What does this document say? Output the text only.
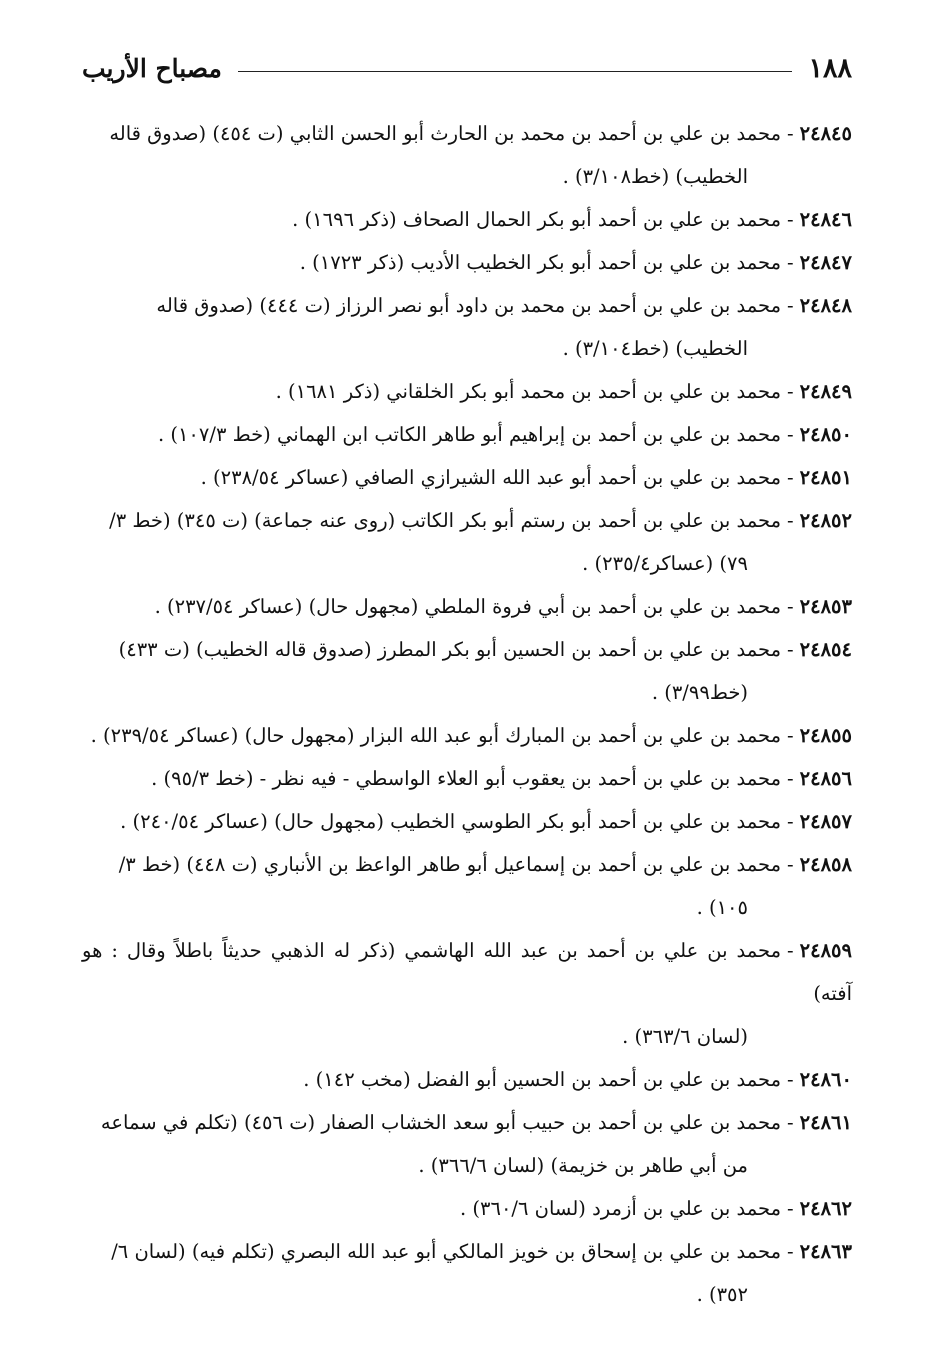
١٨٨
مصباح الأريب
٢٤٨٤٥-محمد بن علي بن أحمد بن محمد بن الحارث أبو الحسن الثابي (ت ٤٥٤) (صدوق قاله
الخطيب) (خط٣/١٠٨) .
٢٤٨٤٦-محمد بن علي بن أحمد أبو بكر الحمال الصحاف (ذكر ١٦٩٦) .
٢٤٨٤٧-محمد بن علي بن أحمد أبو بكر الخطيب الأديب (ذكر ١٧٢٣) .
٢٤٨٤٨-محمد بن علي بن أحمد بن محمد بن داود أبو نصر الرزاز (ت ٤٤٤) (صدوق قاله
الخطيب) (خط٣/١٠٤) .
٢٤٨٤٩-محمد بن علي بن أحمد بن محمد أبو بكر الخلقاني (ذكر ١٦٨١) .
٢٤٨٥٠-محمد بن علي بن أحمد بن إبراهيم أبو طاهر الكاتب ابن الهماني (خط ١٠٧/٣) .
٢٤٨٥١-محمد بن علي بن أحمد أبو عبد الله الشيرازي الصافي (عساكر ٢٣٨/٥٤) .
٢٤٨٥٢-محمد بن علي بن أحمد بن رستم أبو بكر الكاتب (روى عنه جماعة) (ت ٣٤٥) (خط ٣/
٧٩) (عساكر٢٣٥/٤) .
٢٤٨٥٣-محمد بن علي بن أحمد بن أبي فروة الملطي (مجهول حال) (عساكر ٢٣٧/٥٤) .
٢٤٨٥٤-محمد بن علي بن أحمد بن الحسين أبو بكر المطرز (صدوق قاله الخطيب) (ت ٤٣٣)
(خط٣/٩٩) .
٢٤٨٥٥-محمد بن علي بن أحمد بن المبارك أبو عبد الله البزار (مجهول حال) (عساكر ٢٣٩/٥٤) .
٢٤٨٥٦-محمد بن علي بن أحمد بن يعقوب أبو العلاء الواسطي - فيه نظر - (خط ٩٥/٣) .
٢٤٨٥٧-محمد بن علي بن أحمد أبو بكر الطوسي الخطيب (مجهول حال) (عساكر ٢٤٠/٥٤) .
٢٤٨٥٨-محمد بن علي بن أحمد بن إسماعيل أبو طاهر الواعظ بن الأنباري (ت ٤٤٨) (خط ٣/
١٠٥) .
٢٤٨٥٩-محمد بن علي بن أحمد بن عبد الله الهاشمي (ذكر له الذهبي حديثاً باطلاً وقال : هو آفته)
(لسان ٣٦٣/٦) .
٢٤٨٦٠-محمد بن علي بن أحمد بن الحسين أبو الفضل (مخب ١٤٢) .
٢٤٨٦١-محمد بن علي بن أحمد بن حبيب أبو سعد الخشاب الصفار (ت ٤٥٦) (تكلم في سماعه
من أبي طاهر بن خزيمة) (لسان ٣٦٦/٦) .
٢٤٨٦٢-محمد بن علي بن أزمرد (لسان ٣٦٠/٦) .
٢٤٨٦٣-محمد بن علي بن إسحاق بن خويز المالكي أبو عبد الله البصري (تكلم فيه) (لسان ٦/
٣٥٢) .
